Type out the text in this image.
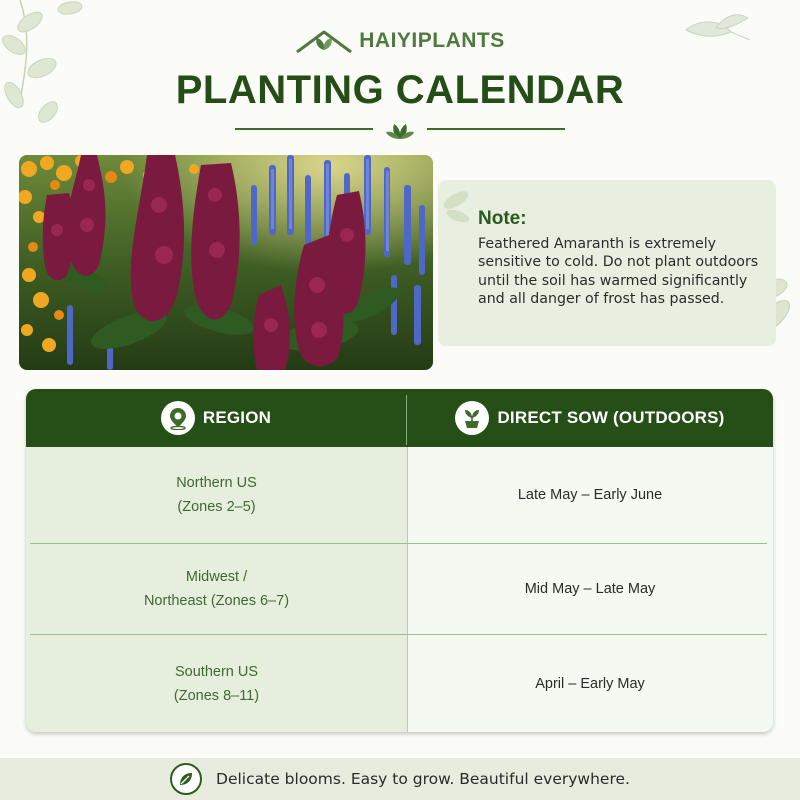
HAIYIPLANTS
PLANTING CALENDAR
Note:
Feathered Amaranth is extremely sensitive to cold. Do not plant outdoors until the soil has warmed significantly and all danger of frost has passed.
REGION	DIRECT SOW (OUTDOORS)
Northern US
(Zones 2–5)
Late May – Early June
Midwest /
Northeast (Zones 6–7)
Mid May – Late May
Southern US
(Zones 8–11)
April – Early May
Delicate blooms. Easy to grow. Beautiful everywhere.
